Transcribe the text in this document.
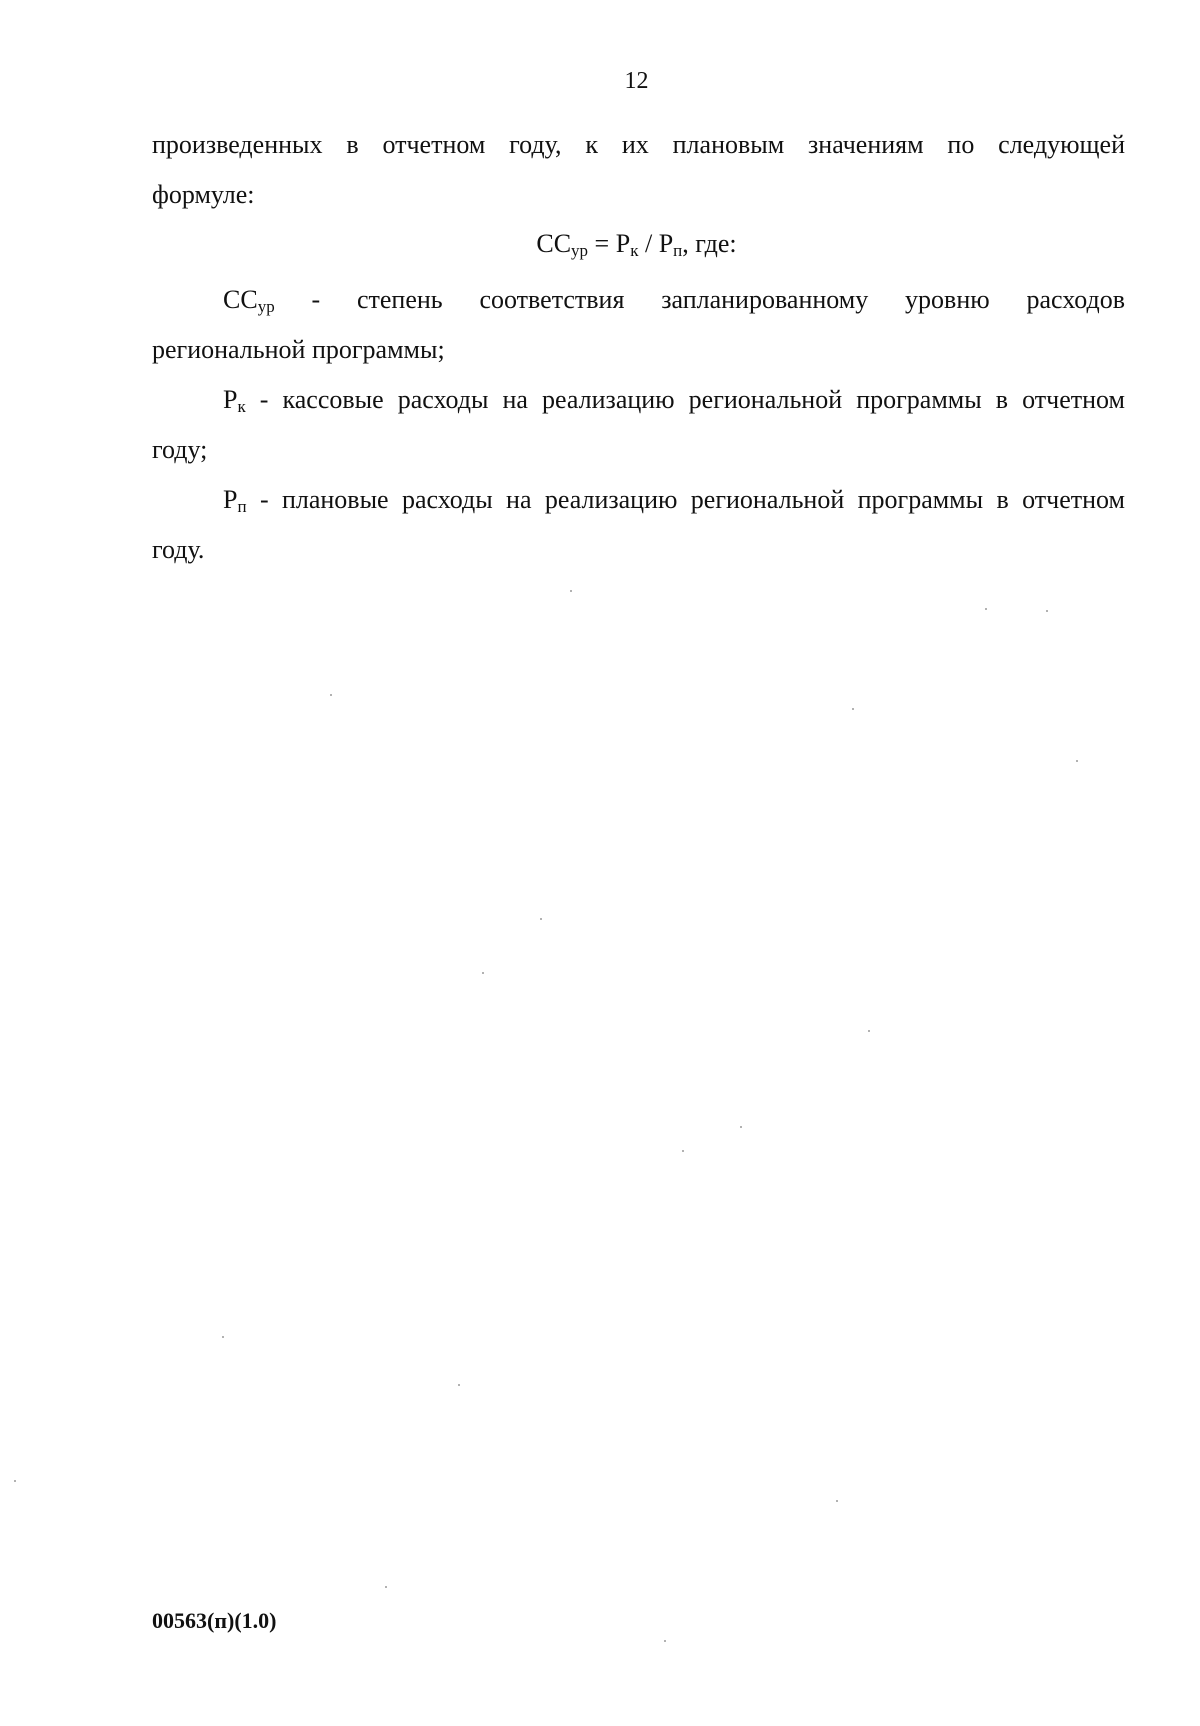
12
произведенных в отчетном году, к их плановым значениям по следующей
формуле:
$СС_{ур} = Р_к / Р_п$, где:
$СС_{ур}$ - степень соответствия запланированному уровню расходов
региональной программы;
$Р_к$ - кассовые расходы на реализацию региональной программы в отчетном
году;
$Р_п$ - плановые расходы на реализацию региональной программы в отчетном
году.
00563(п)(1.0)
